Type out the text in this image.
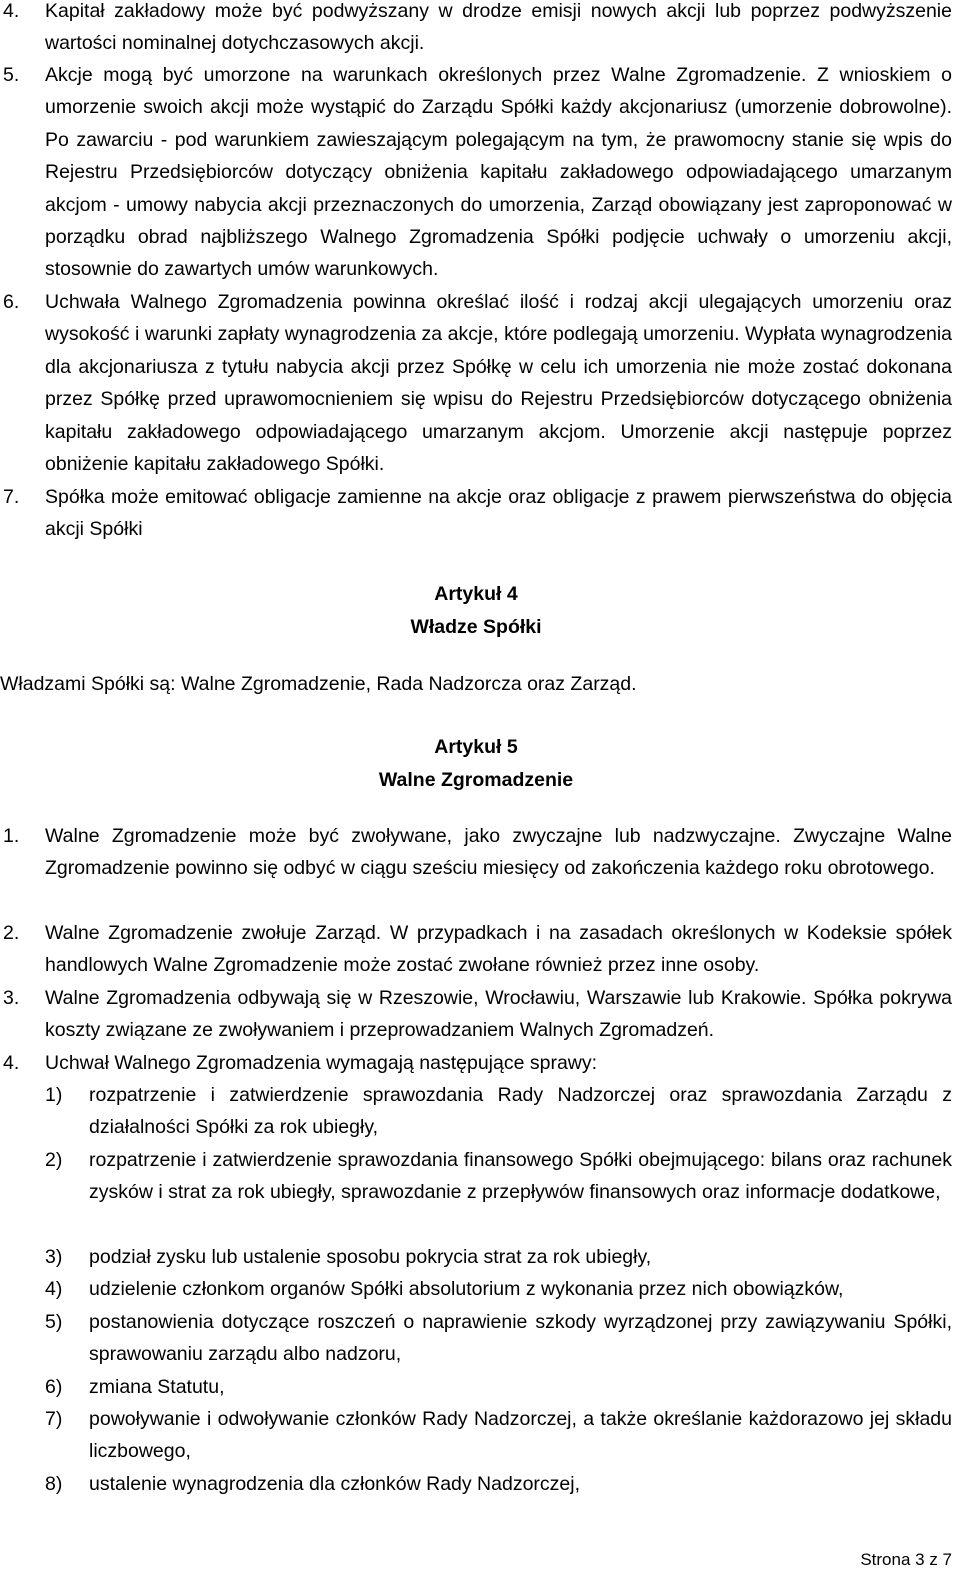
4. Kapitał zakładowy może być podwyższany w drodze emisji nowych akcji lub poprzez podwyższenie wartości nominalnej dotychczasowych akcji.
5. Akcje mogą być umorzone na warunkach określonych przez Walne Zgromadzenie. Z wnioskiem o umorzenie swoich akcji może wystąpić do Zarządu Spółki każdy akcjonariusz (umorzenie dobrowolne). Po zawarciu - pod warunkiem zawieszającym polegającym na tym, że prawomocny stanie się wpis do Rejestru Przedsiębiorców dotyczący obniżenia kapitału zakładowego odpowiadającego umarzanym akcjom - umowy nabycia akcji przeznaczonych do umorzenia, Zarząd obowiązany jest zaproponować w porządku obrad najbliższego Walnego Zgromadzenia Spółki podjęcie uchwały o umorzeniu akcji, stosownie do zawartych umów warunkowych.
6. Uchwała Walnego Zgromadzenia powinna określać ilość i rodzaj akcji ulegających umorzeniu oraz wysokość i warunki zapłaty wynagrodzenia za akcje, które podlegają umorzeniu. Wypłata wynagrodzenia dla akcjonariusza z tytułu nabycia akcji przez Spółkę w celu ich umorzenia nie może zostać dokonana przez Spółkę przed uprawomocnieniem się wpisu do Rejestru Przedsiębiorców dotyczącego obniżenia kapitału zakładowego odpowiadającego umarzanym akcjom. Umorzenie akcji następuje poprzez obniżenie kapitału zakładowego Spółki.
7. Spółka może emitować obligacje zamienne na akcje oraz obligacje z prawem pierwszeństwa do objęcia akcji Spółki
Artykuł 4
Władze Spółki
Władzami Spółki są: Walne Zgromadzenie, Rada Nadzorcza oraz Zarząd.
Artykuł 5
Walne Zgromadzenie
1. Walne Zgromadzenie może być zwoływane, jako zwyczajne lub nadzwyczajne. Zwyczajne Walne Zgromadzenie powinno się odbyć w ciągu sześciu miesięcy od zakończenia każdego roku obrotowego.
2. Walne Zgromadzenie zwołuje Zarząd. W przypadkach i na zasadach określonych w Kodeksie spółek handlowych Walne Zgromadzenie może zostać zwołane również przez inne osoby.
3. Walne Zgromadzenia odbywają się w Rzeszowie, Wrocławiu, Warszawie lub Krakowie. Spółka pokrywa koszty związane ze zwoływaniem i przeprowadzaniem Walnych Zgromadzeń.
4. Uchwał Walnego Zgromadzenia wymagają następujące sprawy:
1) rozpatrzenie i zatwierdzenie sprawozdania Rady Nadzorczej oraz sprawozdania Zarządu z działalności Spółki za rok ubiegły,
2) rozpatrzenie i zatwierdzenie sprawozdania finansowego Spółki obejmującego: bilans oraz rachunek zysków i strat za rok ubiegły, sprawozdanie z przepływów finansowych oraz informacje dodatkowe,
3) podział zysku lub ustalenie sposobu pokrycia strat za rok ubiegły,
4) udzielenie członkom organów Spółki absolutorium z wykonania przez nich obowiązków,
5) postanowienia dotyczące roszczeń o naprawienie szkody wyrządzonej przy zawiązywaniu Spółki, sprawowaniu zarządu albo nadzoru,
6) zmiana Statutu,
7) powoływanie i odwoływanie członków Rady Nadzorczej, a także określanie każdorazowo jej składu liczbowego,
8) ustalenie wynagrodzenia dla członków Rady Nadzorczej,
Strona 3 z 7
